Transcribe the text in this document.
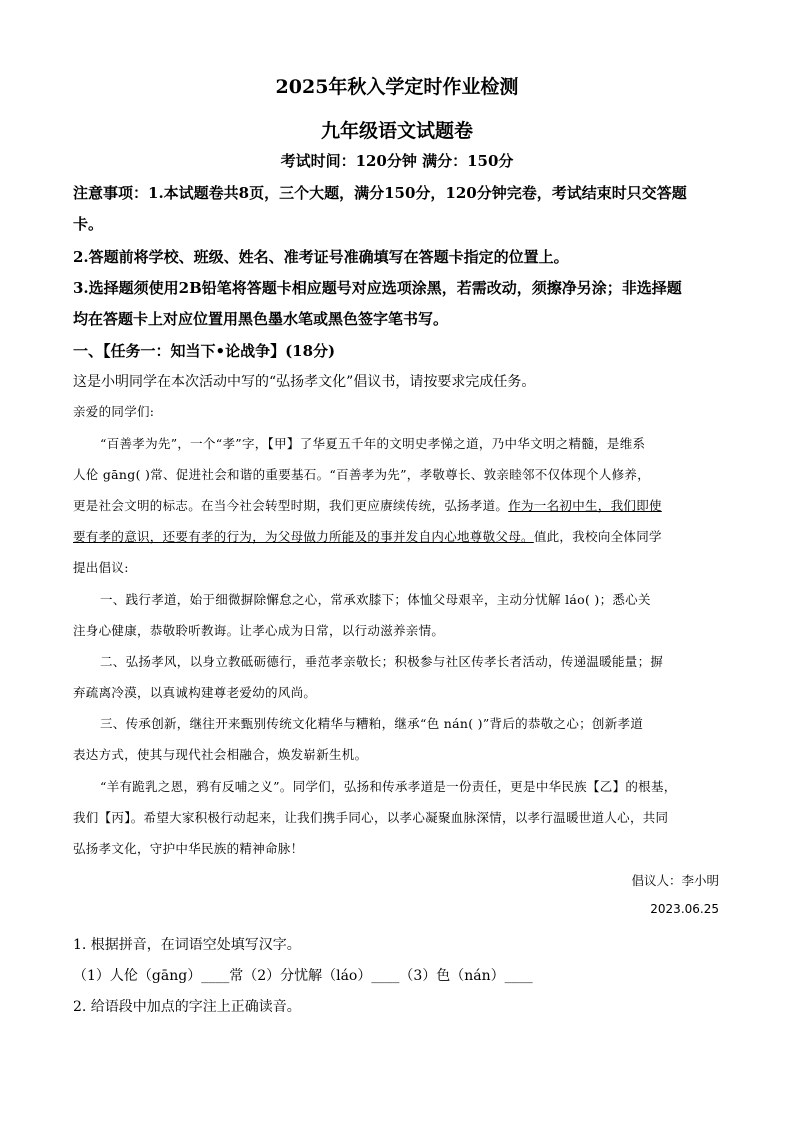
2025年秋入学定时作业检测
九年级语文试题卷
考试时间：120分钟 满分：150分
注意事项：1.本试题卷共8页，三个大题，满分150分，120分钟完卷，考试结束时只交答题
卡。
2.答题前将学校、班级、姓名、准考证号准确填写在答题卡指定的位置上。
3.选择题须使用2B铅笔将答题卡相应题号对应选项涂黑，若需改动，须擦净另涂；非选择题
均在答题卡上对应位置用黑色墨水笔或黑色签字笔书写。
一、【任务一：知当下•论战争】(18分)
这是小明同学在本次活动中写的“弘扬孝文化”倡议书，请按要求完成任务。
亲爱的同学们:
“百善孝为先”，一个“孝”字，【甲】了华夏五千年的文明史孝悌之道，乃中华文明之精髓，是维系
人伦 gāng( )常、促进社会和谐的重要基石。“百善孝为先”，孝敬尊长、敦亲睦邻不仅体现个人修养，
更是社会文明的标志。在当今社会转型时期，我们更应赓续传统，弘扬孝道。作为一名初中生，我们即使
要有孝的意识，还要有孝的行为，为父母做力所能及的事并发自内心地尊敬父母。值此，我校向全体同学
提出倡议:
一、践行孝道，始于细微摒除懈怠之心，常承欢膝下；体恤父母艰辛，主动分忧解 láo( )；悉心关
注身心健康，恭敬聆听教诲。让孝心成为日常，以行动滋养亲情。
二、弘扬孝风，以身立教砥砺德行，垂范孝亲敬长；积极参与社区传孝长者活动，传递温暖能量；摒
弃疏离冷漠，以真诚构建尊老爱幼的风尚。
三、传承创新，继往开来甄别传统文化精华与糟粕，继承“色 nán( )”背后的恭敬之心；创新孝道
表达方式，使其与现代社会相融合，焕发崭新生机。
“羊有跪乳之恩，鸦有反哺之义”。同学们，弘扬和传承孝道是一份责任，更是中华民族【乙】的根基，
我们【丙】。希望大家积极行动起来，让我们携手同心，以孝心凝聚血脉深情，以孝行温暖世道人心，共同
弘扬孝文化，守护中华民族的精神命脉！
倡议人：李小明
2023.06.25
1. 根据拼音，在词语空处填写汉字。
（1）人伦（gāng）____常（2）分忧解（láo）____（3）色（nán）____
2. 给语段中加点的字注上正确读音。
